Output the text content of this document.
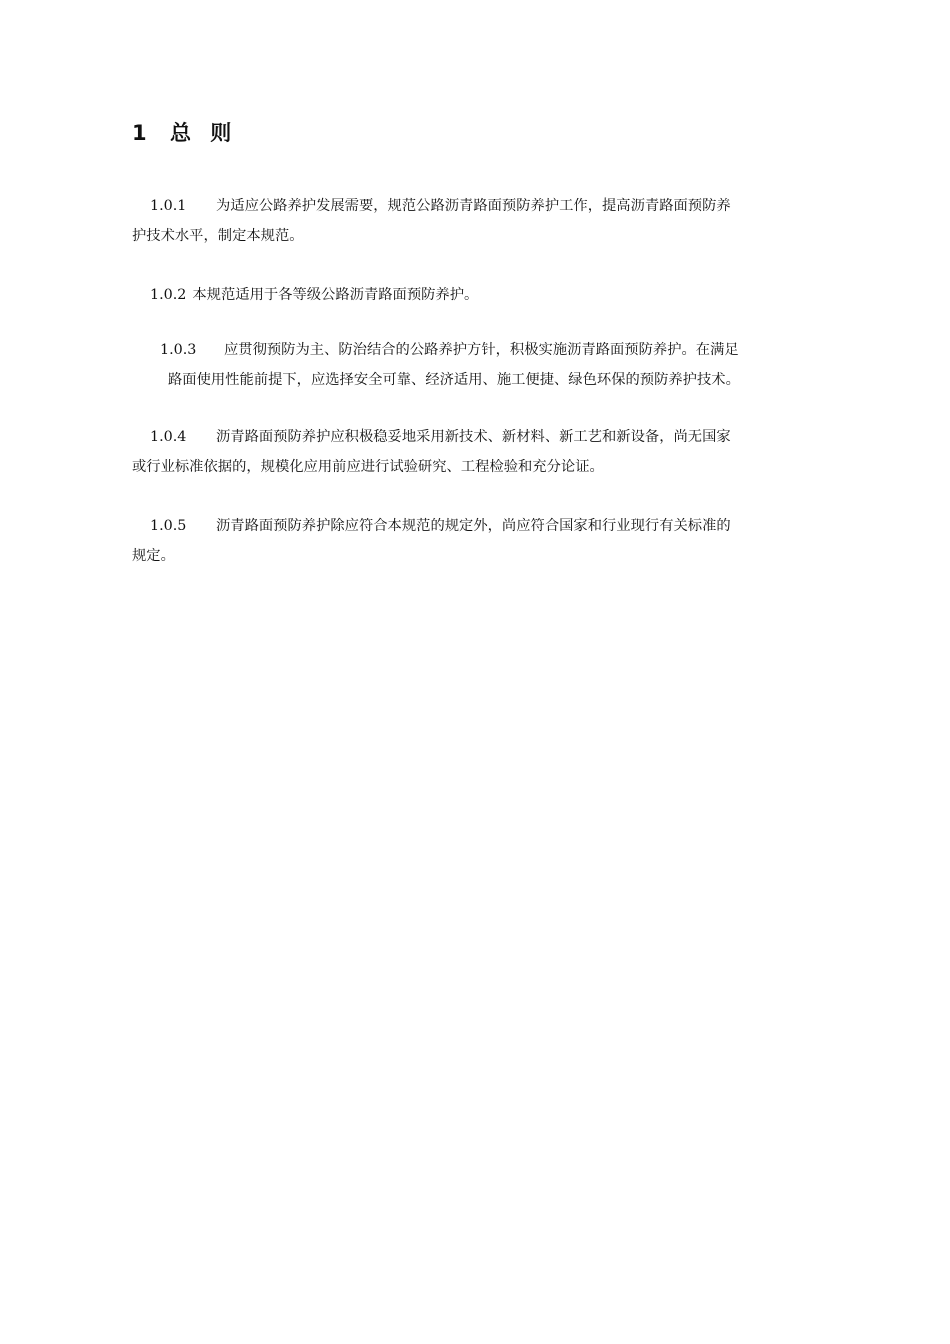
1 总 则
1.0.1 为适应公路养护发展需要，规范公路沥青路面预防养护工作，提高沥青路面预防养
护技术水平，制定本规范。
1.0.2 本规范适用于各等级公路沥青路面预防养护。
1.0.3 应贯彻预防为主、防治结合的公路养护方针，积极实施沥青路面预防养护。在满足
路面使用性能前提下，应选择安全可靠、经济适用、施工便捷、绿色环保的预防养护技术。
1.0.4 沥青路面预防养护应积极稳妥地采用新技术、新材料、新工艺和新设备，尚无国家
或行业标准依据的，规模化应用前应进行试验研究、工程检验和充分论证。
1.0.5 沥青路面预防养护除应符合本规范的规定外，尚应符合国家和行业现行有关标准的
规定。
